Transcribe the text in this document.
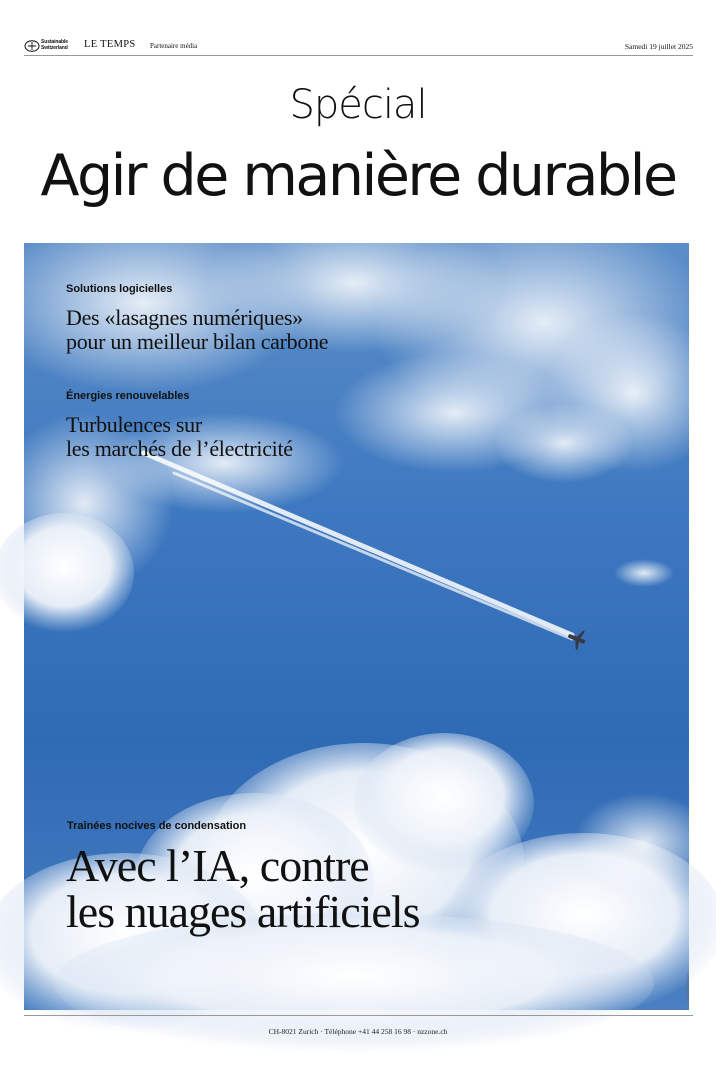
Sustainable
Switzerland	LE TEMPS Partenaire média	Samedi 19 juillet 2025
Spécial
Agir de manière durable
Solutions logicielles
Des «lasagnes numériques»
pour un meilleur bilan carbone
Énergies renouvelables
Turbulences sur
les marchés de l’électricité
Traînées nocives de condensation
Avec l’IA, contre
les nuages artificiels
ADOBE STOCK
CH-8021 Zurich · Téléphone +41 44 258 16 98 · nzzone.ch
